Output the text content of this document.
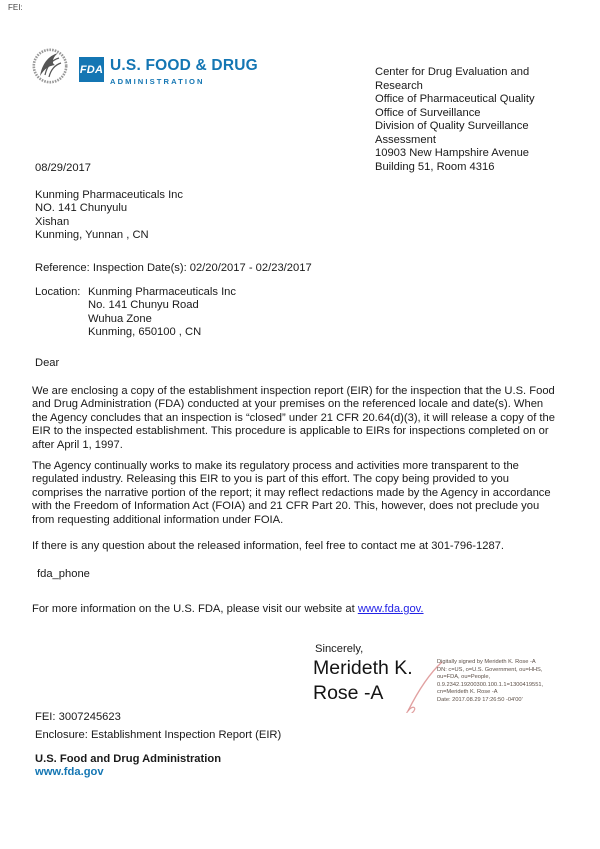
FEI:
FDA U.S. FOOD & DRUG
ADMINISTRATION
Center for Drug Evaluation and
Research
Office of Pharmaceutical Quality
Office of Surveillance
Division of Quality Surveillance
Assessment
10903 New Hampshire Avenue
Building 51, Room 4316
08/29/2017
Kunming Pharmaceuticals Inc
NO. 141 Chunyulu
Xishan
Kunming, Yunnan , CN
Reference: Inspection Date(s): 02/20/2017 - 02/23/2017
Location: Kunming Pharmaceuticals Inc
No. 141 Chunyu Road
Wuhua Zone
Kunming, 650100 , CN
Dear
We are enclosing a copy of the establishment inspection report (EIR) for the inspection that the U.S. Food
and Drug Administration (FDA) conducted at your premises on the referenced locale and date(s). When
the Agency concludes that an inspection is “closed” under 21 CFR 20.64(d)(3), it will release a copy of the
EIR to the inspected establishment. This procedure is applicable to EIRs for inspections completed on or
after April 1, 1997.
The Agency continually works to make its regulatory process and activities more transparent to the
regulated industry. Releasing this EIR to you is part of this effort. The copy being provided to you
comprises the narrative portion of the report; it may reflect redactions made by the Agency in accordance
with the Freedom of Information Act (FOIA) and 21 CFR Part 20. This, however, does not preclude you
from requesting additional information under FOIA.
If there is any question about the released information, feel free to contact me at 301-796-1287.
fda_phone
For more information on the U.S. FDA, please visit our website at www.fda.gov.
Sincerely,
Merideth K.
Rose -A
Digitally signed by Merideth K. Rose -A
DN: c=US, o=U.S. Government, ou=HHS,
ou=FDA, ou=People,
0.9.2342.19200300.100.1.1=1300419551,
cn=Merideth K. Rose -A
Date: 2017.08.29 17:26:50 -04'00'
FEI: 3007245623
Enclosure: Establishment Inspection Report (EIR)
U.S. Food and Drug Administration
www.fda.gov
